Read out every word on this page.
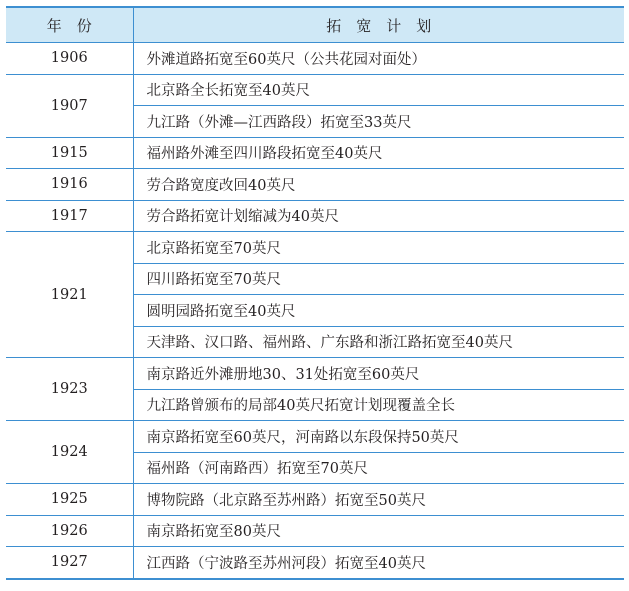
年　份	拓　宽　计　划
1906	外滩道路拓宽至60英尺（公共花园对面处）
1907	北京路全长拓宽至40英尺
	九江路（外滩—江西路段）拓宽至33英尺
1915	福州路外滩至四川路段拓宽至40英尺
1916	劳合路宽度改回40英尺
1917	劳合路拓宽计划缩减为40英尺
1921	北京路拓宽至70英尺
	四川路拓宽至70英尺
	圆明园路拓宽至40英尺
	天津路、汉口路、福州路、广东路和浙江路拓宽至40英尺
1923	南京路近外滩册地30、31处拓宽至60英尺
	九江路曾颁布的局部40英尺拓宽计划现覆盖全长
1924	南京路拓宽至60英尺，河南路以东段保持50英尺
	福州路（河南路西）拓宽至70英尺
1925	博物院路（北京路至苏州路）拓宽至50英尺
1926	南京路拓宽至80英尺
1927	江西路（宁波路至苏州河段）拓宽至40英尺
